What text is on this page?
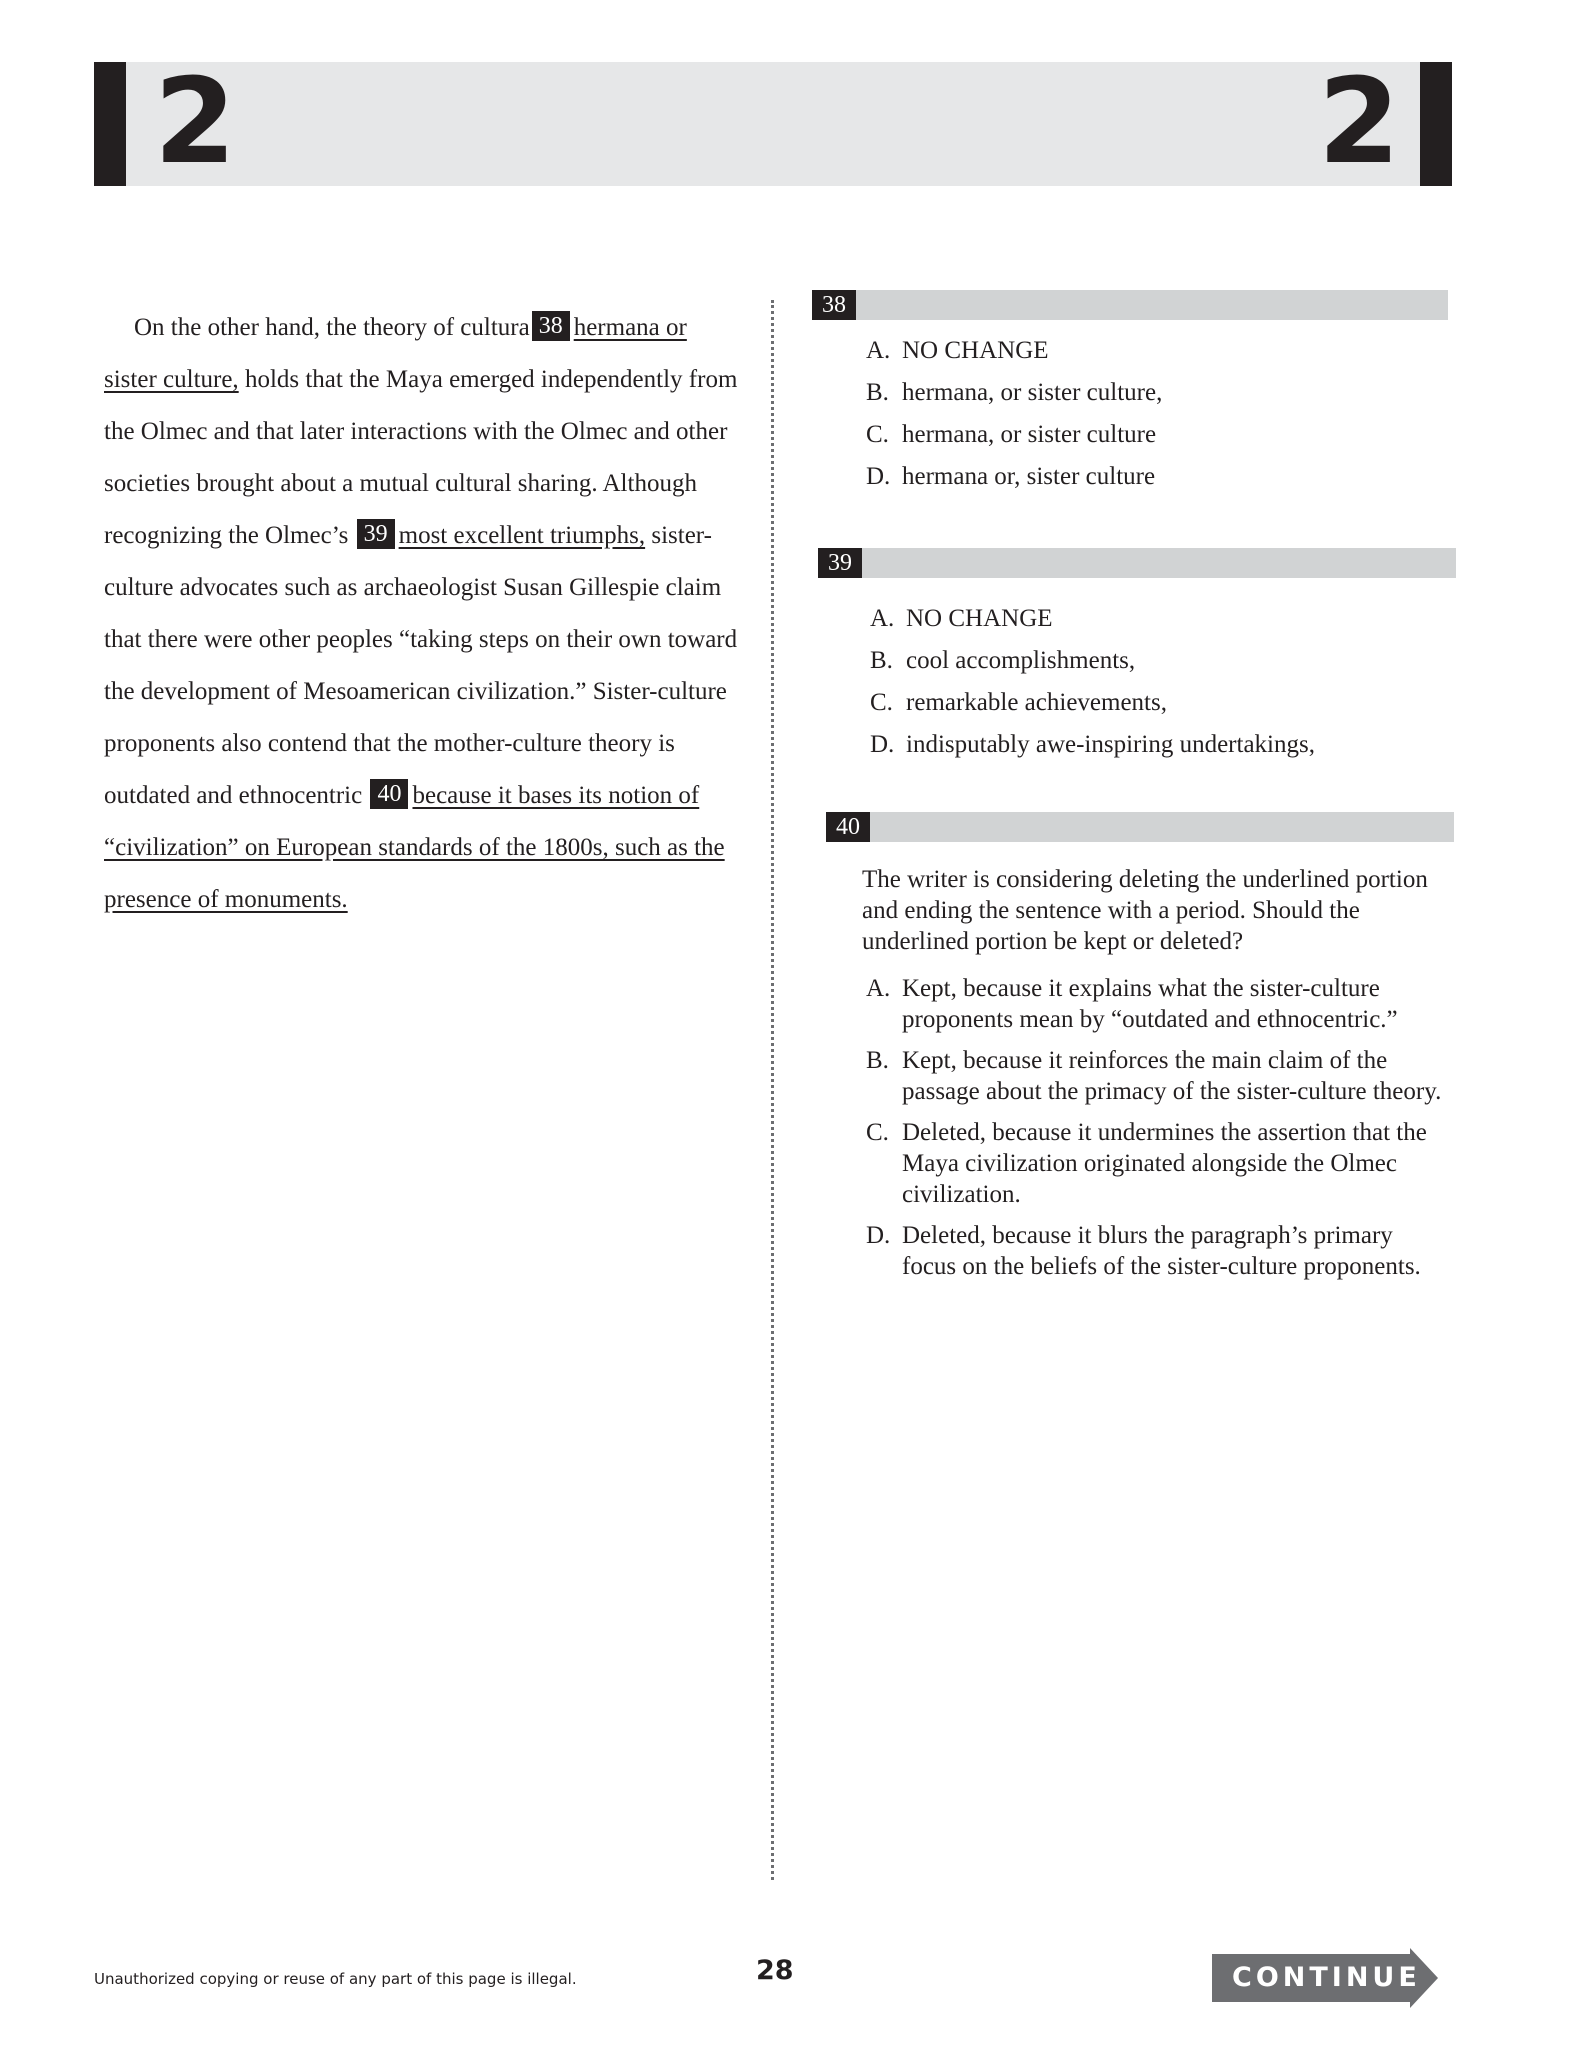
2	2

On the other hand, the theory of cultura 38 hermana or sister culture, holds that the Maya emerged independently from the Olmec and that later interactions with the Olmec and other societies brought about a mutual cultural sharing. Although recognizing the Olmec’s 39 most excellent triumphs, sister-culture advocates such as archaeologist Susan Gillespie claim that there were other peoples “taking steps on their own toward the development of Mesoamerican civilization.” Sister-culture proponents also contend that the mother-culture theory is outdated and ethnocentric 40 because it bases its notion of “civilization” on European standards of the 1800s, such as the presence of monuments.

38
A. NO CHANGE
B. hermana, or sister culture,
C. hermana, or sister culture
D. hermana or, sister culture
39
A. NO CHANGE
B. cool accomplishments,
C. remarkable achievements,
D. indisputably awe-inspiring undertakings,
40

The writer is considering deleting the underlined portion and ending the sentence with a period. Should the underlined portion be kept or deleted?

A. Kept, because it explains what the sister-culture proponents mean by “outdated and ethnocentric.”
B. Kept, because it reinforces the main claim of the passage about the primacy of the sister-culture theory.
C. Deleted, because it undermines the assertion that the Maya civilization originated alongside the Olmec civilization.
D. Deleted, because it blurs the paragraph’s primary focus on the beliefs of the sister-culture proponents.
Unauthorized copying or reuse of any part of this page is illegal.	28	CONTINUE
